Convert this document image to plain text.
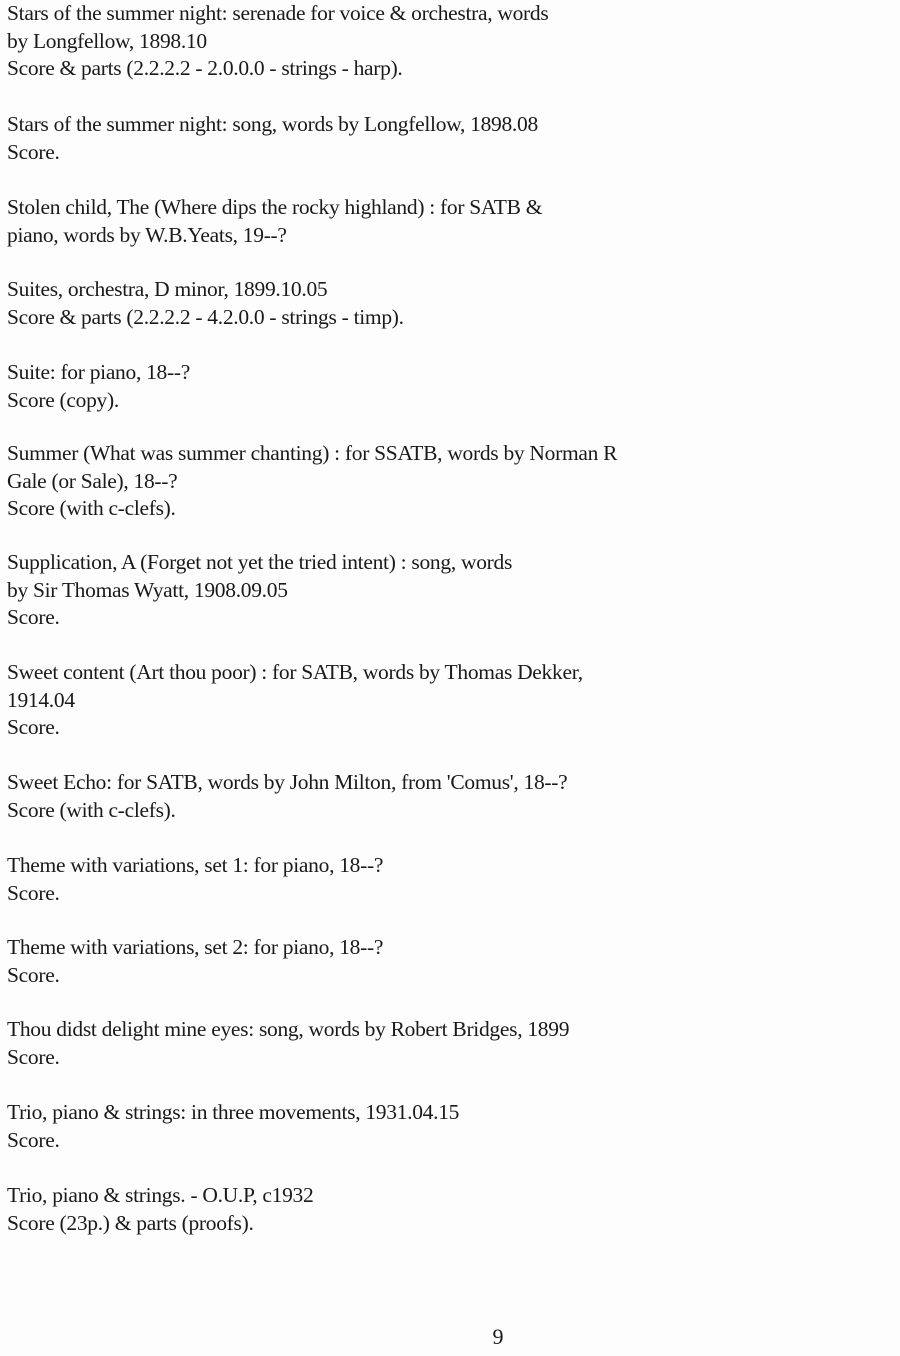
Stars of the summer night: serenade for voice & orchestra, words
by Longfellow, 1898.10
Score & parts (2.2.2.2 - 2.0.0.0 - strings - harp).
Stars of the summer night: song, words by Longfellow, 1898.08
Score.
Stolen child, The (Where dips the rocky highland) : for SATB &
piano, words by W.B.Yeats, 19--?
Suites, orchestra, D minor, 1899.10.05
Score & parts (2.2.2.2 - 4.2.0.0 - strings - timp).
Suite: for piano, 18--?
Score (copy).
Summer (What was summer chanting) : for SSATB, words by Norman R
Gale (or Sale), 18--?
Score (with c-clefs).
Supplication, A (Forget not yet the tried intent) : song, words
by Sir Thomas Wyatt, 1908.09.05
Score.
Sweet content (Art thou poor) : for SATB, words by Thomas Dekker,
1914.04
Score.
Sweet Echo: for SATB, words by John Milton, from 'Comus', 18--?
Score (with c-clefs).
Theme with variations, set 1: for piano, 18--?
Score.
Theme with variations, set 2: for piano, 18--?
Score.
Thou didst delight mine eyes: song, words by Robert Bridges, 1899
Score.
Trio, piano & strings: in three movements, 1931.04.15
Score.
Trio, piano & strings. - O.U.P, c1932
Score (23p.) & parts (proofs).
9
